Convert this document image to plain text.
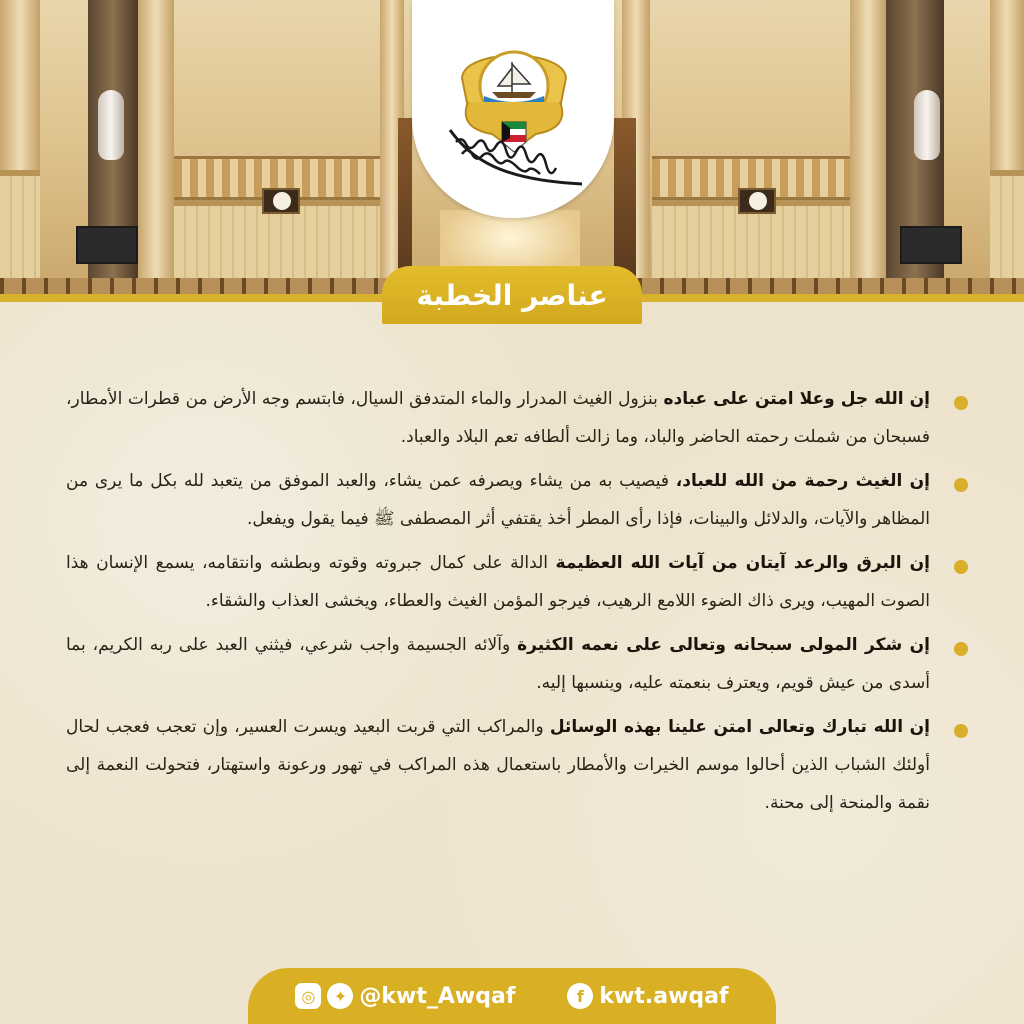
عناصر الخطبة

إن الله جل وعلا امتن على عباده بنزول الغيث المدرار والماء المتدفق السيال، فابتسم وجه الأرض من قطرات الأمطار، فسبحان من شملت رحمته الحاضر والباد، وما زالت ألطافه تعم البلاد والعباد.

إن الغيث رحمة من الله للعباد، فيصيب به من يشاء ويصرفه عمن يشاء، والعبد الموفق من يتعبد لله بكل ما يرى من المظاهر والآيات، والدلائل والبينات، فإذا رأى المطر أخذ يقتفي أثر المصطفى ﷺ فيما يقول ويفعل.

إن البرق والرعد آيتان من آيات الله العظيمة الدالة على كمال جبروته وقوته وبطشه وانتقامه، يسمع الإنسان هذا الصوت المهيب، ويرى ذاك الضوء اللامع الرهيب، فيرجو المؤمن الغيث والعطاء، ويخشى العذاب والشقاء.

إن شكر المولى سبحانه وتعالى على نعمه الكثيرة وآلائه الجسيمة واجب شرعي، فيثني العبد على ربه الكريم، بما أسدى من عيش قويم، ويعترف بنعمته عليه، وينسبها إليه.

إن الله تبارك وتعالى امتن علينا بهذه الوسائل والمراكب التي قربت البعيد ويسرت العسير، وإن تعجب فعجب لحال أولئك الشباب الذين أحالوا موسم الخيرات والأمطار باستعمال هذه المراكب في تهور ورعونة واستهتار، فتحولت النعمة إلى نقمة والمنحة إلى محنة.

◎	✦ @kwt_Awqaf	f kwt.awqaf
